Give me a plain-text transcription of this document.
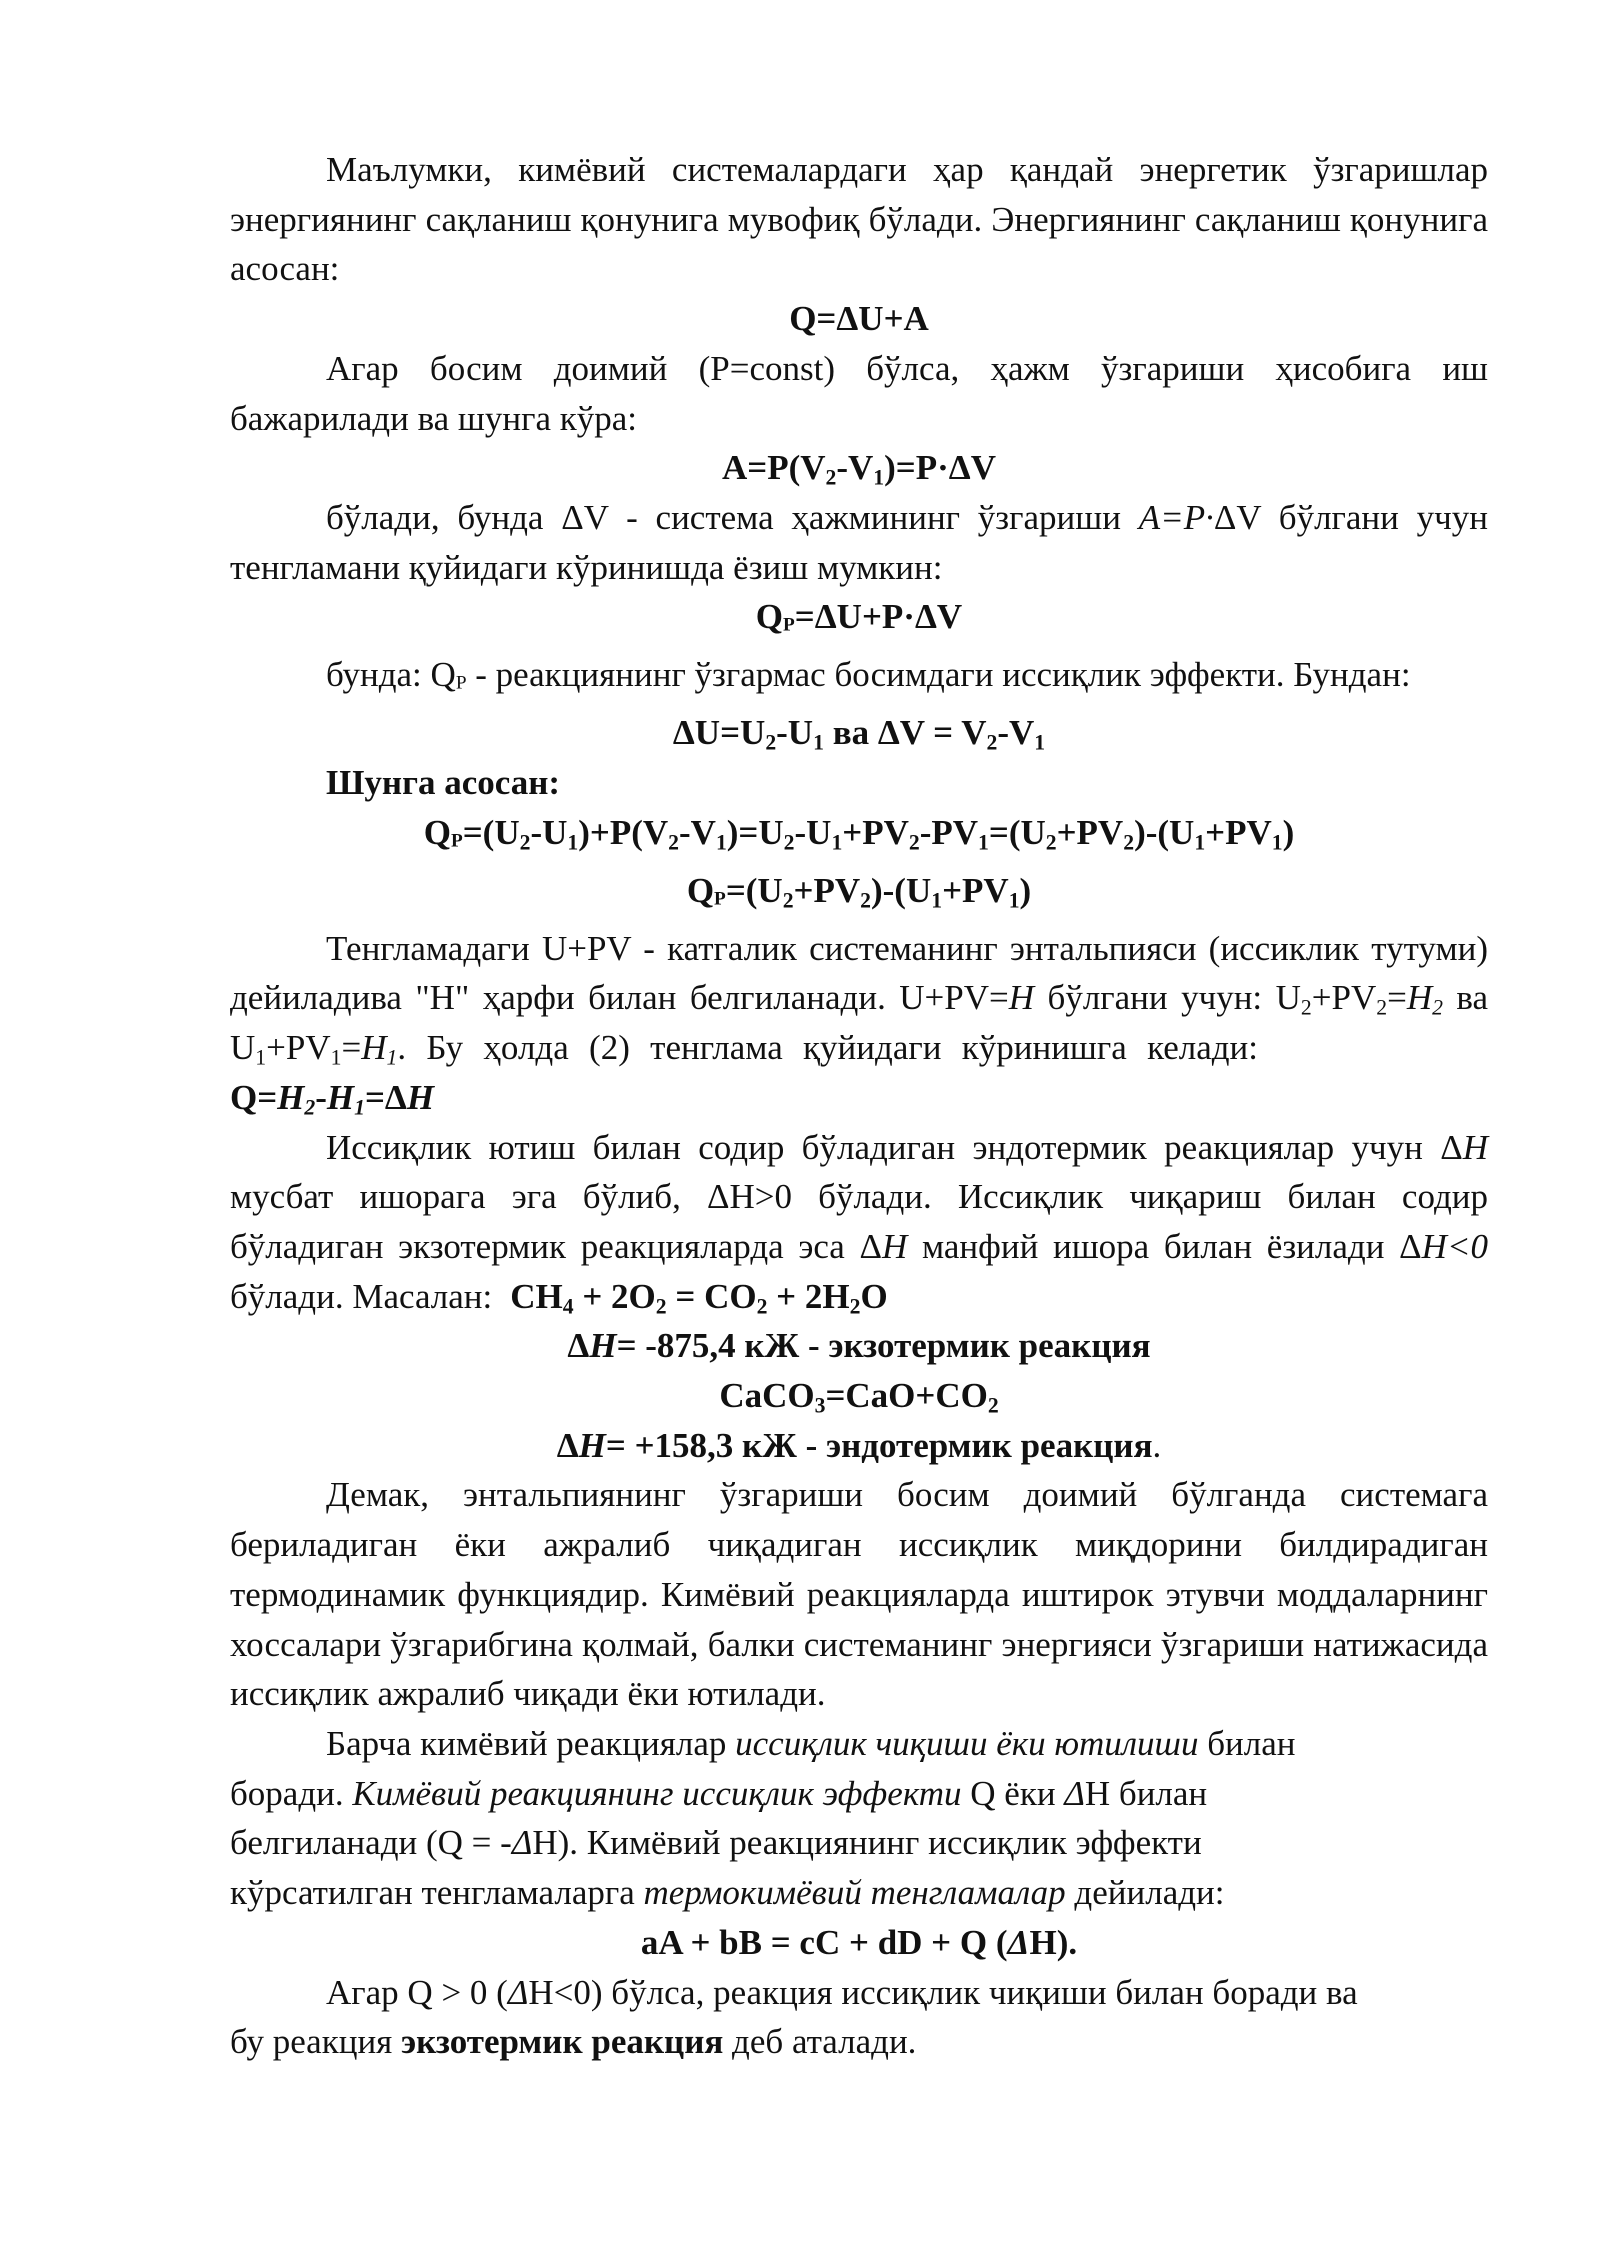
Маълумки, кимёвий системалардаги ҳар қандай энергетик ўзгаришлар энергиянинг сақланиш қонунига мувофиқ бўлади. Энергиянинг сақланиш қонунига асосан:

Q=ΔU+A

Агар босим доимий (P=const) бўлса, ҳажм ўзгариши ҳисобига иш бажарилади ва шунга кўра:

$A=P(V_2-V_1)=P\cdot\Delta V$

бўлади, бунда ΔV - система ҳажмининг ўзгариши A=P·ΔV бўлгани учун тенгламани қуйидаги кўринишда ёзиш мумкин:

QP=ΔU+P·ΔV

бунда: QP - реакциянинг ўзгармас босимдаги иссиқлик эффекти. Бундан:

$\Delta U=U_2-U_1$ ва $\Delta V = V_2-V_1$

Шунга асосан:

$QP=(U_2-U_1)+P(V_2-V_1)=U_2-U_1+PV_2-PV_1=(U_2+PV_2)-(U_1+PV_1)$

$QP=(U_2+PV_2)-(U_1+PV_1)$

Тенгламадаги U+PV - катгалик системанинг энтальпияси (иссиклик тутуми) дейиладива "Н" ҳарфи билан белгиланади. U+PV=H бўлгани учун: $U_2+PV_2=H_2$ ва $U_1+PV_1=H_1$. Бу ҳолда (2) тенглама қуйидаги кўринишга $келади:Q=H_2-H_1=\Delta H$

Иссиқлик ютиш билан содир бўладиган эндотермик реакциялар учун ΔH мусбат ишорага эга бўлиб, ΔH>0 бўлади. Иссиқлик чиқариш билан содир бўладиган экзотермик реакцияларда эса ΔH манфий ишора билан ёзилади ΔH<0 бўлади. Масалан: $CH_4 + 2O_2 = CO_2 + 2H_2O$

ΔH= -875,4 кЖ - экзотермик реакция

$CaCO_3=CaO+CO_2$

ΔH= +158,3 кЖ - эндотермик реакция.

Демак, энтальпиянинг ўзгариши босим доимий бўлганда системага бериладиган ёки ажралиб чиқадиган иссиқлик миқдорини билдирадиган термодинамик функциядир. Кимёвий реакцияларда иштирок этувчи моддаларнинг хоссалари ўзгарибгина қолмай, балки системанинг энергияси ўзгариши натижасида иссиқлик ажралиб чиқади ёки ютилади.

Барча кимёвий реакциялар иссиқлик чиқиши ёки ютилиши билан

боради. Кимёвий реакциянинг иссиқлик эффекти Q ёки ΔH билан

белгиланади (Q = -ΔH). Кимёвий реакциянинг иссиқлик эффекти

кўрсатилган тенгламаларга термокимёвий тенгламалар дейилади:

aA + bB = cC + dD + Q (ΔH).

Агар Q > 0 (ΔH<0) бўлса, реакция иссиқлик чиқиши билан боради ва

бу реакция экзотермик реакция деб аталади.
